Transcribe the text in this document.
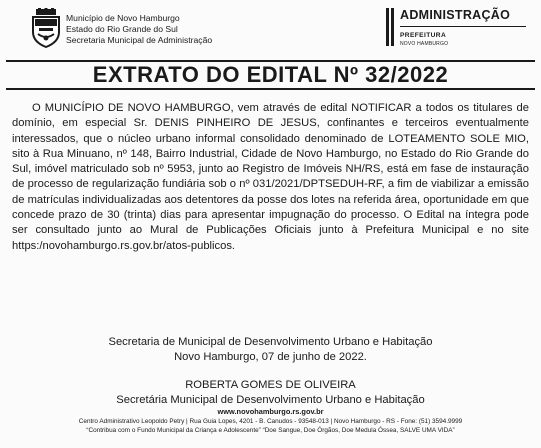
Município de Novo Hamburgo
Estado do Rio Grande do Sul
Secretaria Municipal de Administração
ADMINISTRAÇÃO
PREFEITURA
NOVO HAMBURGO
EXTRATO DO EDITAL Nº 32/2022

O MUNICÍPIO DE NOVO HAMBURGO, vem através de edital NOTIFICAR a todos os titulares de domínio, em especial Sr. DENIS PINHEIRO DE JESUS, confinantes e terceiros eventualmente interessados, que o núcleo urbano informal consolidado denominado de LOTEAMENTO SOLE MIO, sito à Rua Minuano, nº 148, Bairro Industrial, Cidade de Novo Hamburgo, no Estado do Rio Grande do Sul, imóvel matriculado sob nº 5953, junto ao Registro de Imóveis NH/RS, está em fase de instauração de processo de regularização fundiária sob o nº 031/2021/DPTSEDUH-RF, a fim de viabilizar a emissão de matrículas individualizadas aos detentores da posse dos lotes na referida área, oportunidade em que concede prazo de 30 (trinta) dias para apresentar impugnação do processo. O Edital na íntegra pode ser consultado junto ao Mural de Publicações Oficiais junto à Prefeitura Municipal e no site https:/novohamburgo.rs.gov.br/atos-publicos.

Secretaria de Municipal de Desenvolvimento Urbano e Habitação
Novo Hamburgo, 07 de junho de 2022.
ROBERTA GOMES DE OLIVEIRA
Secretária Municipal de Desenvolvimento Urbano e Habitação
www.novohamburgo.rs.gov.br
Centro Administrativo Leopoldo Petry | Rua Guia Lopes, 4201 - B. Canudos - 93548-013 | Novo Hamburgo - RS - Fone: (51) 3594.9999
“Contribua com o Fundo Municipal da Criança e Adolescente” “Doe Sangue, Doe Órgãos, Doe Medula Óssea, SALVE UMA VIDA”
